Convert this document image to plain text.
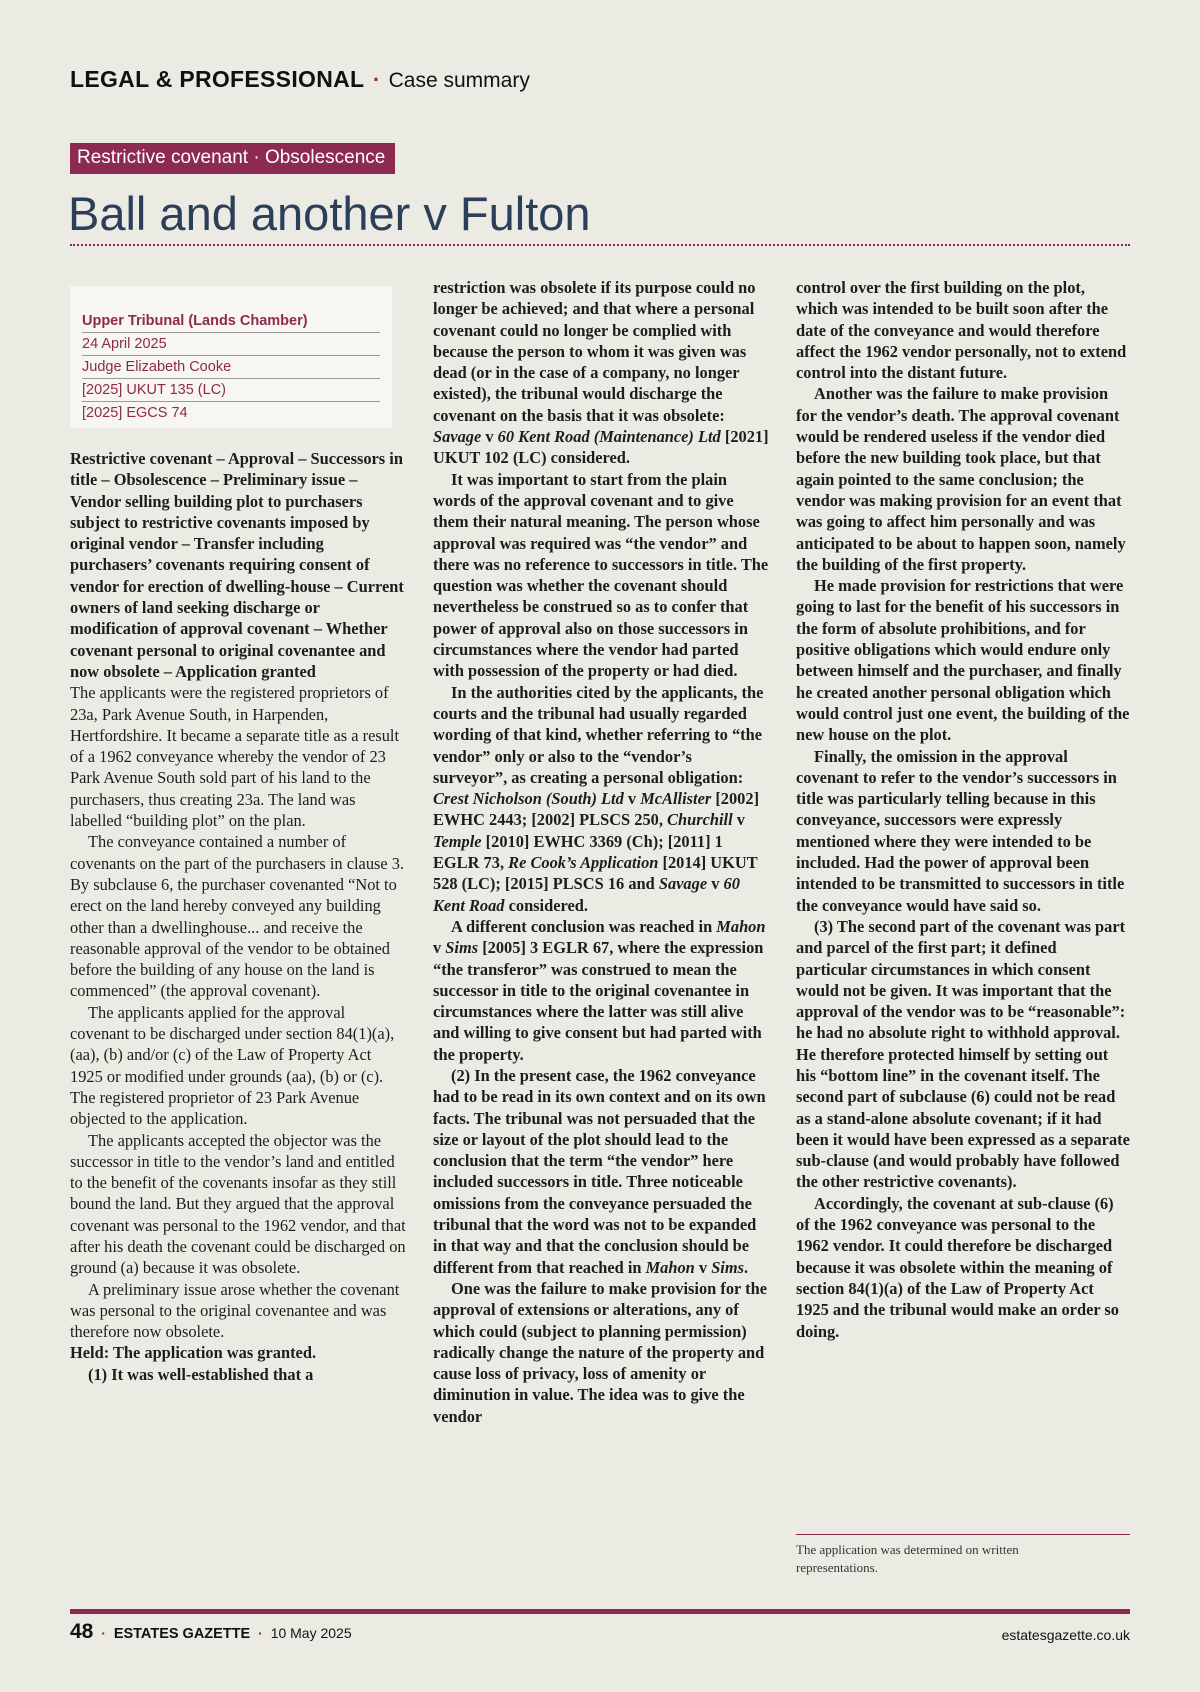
LEGAL & PROFESSIONAL · Case summary
Restrictive covenant · Obsolescence
Ball and another v Fulton
Upper Tribunal (Lands Chamber)
24 April 2025
Judge Elizabeth Cooke
[2025] UKUT 135 (LC)
[2025] EGCS 74

Restrictive covenant – Approval – Successors in title – Obsolescence – Preliminary issue – Vendor selling building plot to purchasers subject to restrictive covenants imposed by original vendor – Transfer including purchasers’ covenants requiring consent of vendor for erection of dwelling-house – Current owners of land seeking discharge or modification of approval covenant – Whether covenant personal to original covenantee and now obsolete – Application granted

The applicants were the registered proprietors of 23a, Park Avenue South, in Harpenden, Hertfordshire. It became a separate title as a result of a 1962 conveyance whereby the vendor of 23 Park Avenue South sold part of his land to the purchasers, thus creating 23a. The land was labelled “building plot” on the plan.

The conveyance contained a number of covenants on the part of the purchasers in clause 3. By subclause 6, the purchaser covenanted “Not to erect on the land hereby conveyed any building other than a dwellinghouse... and receive the reasonable approval of the vendor to be obtained before the building of any house on the land is commenced” (the approval covenant).

The applicants applied for the approval covenant to be discharged under section 84(1)(a), (aa), (b) and/or (c) of the Law of Property Act 1925 or modified under grounds (aa), (b) or (c). The registered proprietor of 23 Park Avenue objected to the application.

The applicants accepted the objector was the successor in title to the vendor’s land and entitled to the benefit of the covenants insofar as they still bound the land. But they argued that the approval covenant was personal to the 1962 vendor, and that after his death the covenant could be discharged on ground (a) because it was obsolete.

A preliminary issue arose whether the covenant was personal to the original covenantee and was therefore now obsolete.

Held: The application was granted.

(1) It was well-established that a

restriction was obsolete if its purpose could no longer be achieved; and that where a personal covenant could no longer be complied with because the person to whom it was given was dead (or in the case of a company, no longer existed), the tribunal would discharge the covenant on the basis that it was obsolete: Savage v 60 Kent Road (Maintenance) Ltd [2021] UKUT 102 (LC) considered.

It was important to start from the plain words of the approval covenant and to give them their natural meaning. The person whose approval was required was “the vendor” and there was no reference to successors in title. The question was whether the covenant should nevertheless be construed so as to confer that power of approval also on those successors in circumstances where the vendor had parted with possession of the property or had died.

In the authorities cited by the applicants, the courts and the tribunal had usually regarded wording of that kind, whether referring to “the vendor” only or also to the “vendor’s surveyor”, as creating a personal obligation: Crest Nicholson (South) Ltd v McAllister [2002] EWHC 2443; [2002] PLSCS 250, Churchill v Temple [2010] EWHC 3369 (Ch); [2011] 1 EGLR 73, Re Cook’s Application [2014] UKUT 528 (LC); [2015] PLSCS 16 and Savage v 60 Kent Road considered.

A different conclusion was reached in Mahon v Sims [2005] 3 EGLR 67, where the expression “the transferor” was construed to mean the successor in title to the original covenantee in circumstances where the latter was still alive and willing to give consent but had parted with the property.

(2) In the present case, the 1962 conveyance had to be read in its own context and on its own facts. The tribunal was not persuaded that the size or layout of the plot should lead to the conclusion that the term “the vendor” here included successors in title. Three noticeable omissions from the conveyance persuaded the tribunal that the word was not to be expanded in that way and that the conclusion should be different from that reached in Mahon v Sims.

One was the failure to make provision for the approval of extensions or alterations, any of which could (subject to planning permission) radically change the nature of the property and cause loss of privacy, loss of amenity or diminution in value. The idea was to give the vendor

control over the first building on the plot, which was intended to be built soon after the date of the conveyance and would therefore affect the 1962 vendor personally, not to extend control into the distant future.

Another was the failure to make provision for the vendor’s death. The approval covenant would be rendered useless if the vendor died before the new building took place, but that again pointed to the same conclusion; the vendor was making provision for an event that was going to affect him personally and was anticipated to be about to happen soon, namely the building of the first property.

He made provision for restrictions that were going to last for the benefit of his successors in the form of absolute prohibitions, and for positive obligations which would endure only between himself and the purchaser, and finally he created another personal obligation which would control just one event, the building of the new house on the plot.

Finally, the omission in the approval covenant to refer to the vendor’s successors in title was particularly telling because in this conveyance, successors were expressly mentioned where they were intended to be included. Had the power of approval been intended to be transmitted to successors in title the conveyance would have said so.

(3) The second part of the covenant was part and parcel of the first part; it defined particular circumstances in which consent would not be given. It was important that the approval of the vendor was to be “reasonable”: he had no absolute right to withhold approval. He therefore protected himself by setting out his “bottom line” in the covenant itself. The second part of subclause (6) could not be read as a stand-alone absolute covenant; if it had been it would have been expressed as a separate sub-clause (and would probably have followed the other restrictive covenants).

Accordingly, the covenant at sub-clause (6) of the 1962 conveyance was personal to the 1962 vendor. It could therefore be discharged because it was obsolete within the meaning of section 84(1)(a) of the Law of Property Act 1925 and the tribunal would make an order so doing.

The application was determined on written representations.
48 · ESTATES GAZETTE · 10 May 2025	estatesgazette.co.uk
